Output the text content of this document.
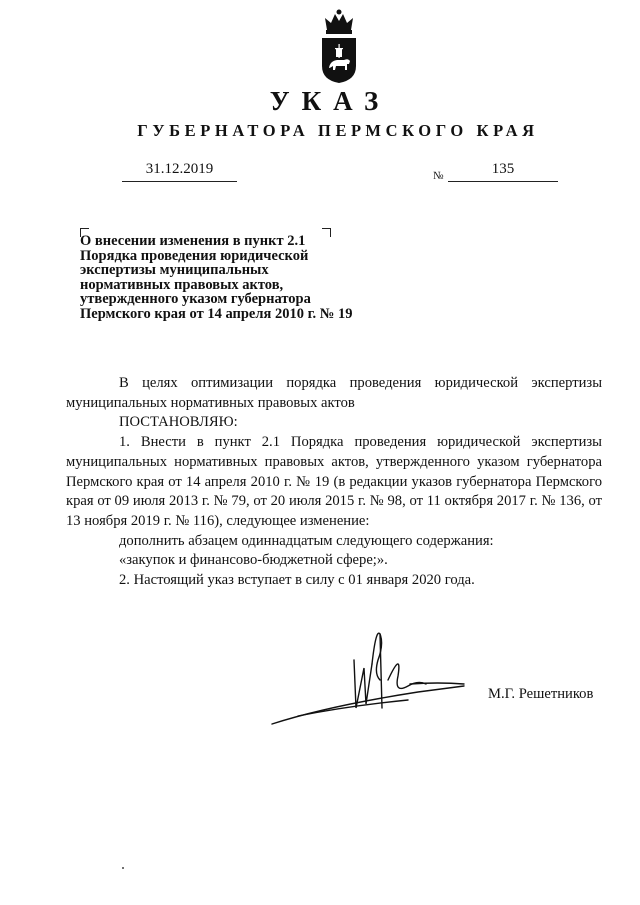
УКАЗ
ГУБЕРНАТОРА ПЕРМСКОГО КРАЯ
31.12.2019	№	135
О внесении изменения в пункт 2.1
Порядка проведения юридической
экспертизы муниципальных
нормативных правовых актов,
утвержденного указом губернатора
Пермского края от 14 апреля 2010 г. № 19

В целях оптимизации порядка проведения юридической экспертизы муниципальных нормативных правовых актов

ПОСТАНОВЛЯЮ:

1. Внести в пункт 2.1 Порядка проведения юридической экспертизы муниципальных нормативных правовых актов, утвержденного указом губернатора Пермского края от 14 апреля 2010 г. № 19 (в редакции указов губернатора Пермского края от 09 июля 2013 г. № 79, от 20 июля 2015 г. № 98, от 11 октября 2017 г. № 136, от 13 ноября 2019 г. № 116), следующее изменение:

дополнить абзацем одиннадцатым следующего содержания:

«закупок и финансово-бюджетной сфере;».

2. Настоящий указ вступает в силу с 01 января 2020 года.

М.Г. Решетников
